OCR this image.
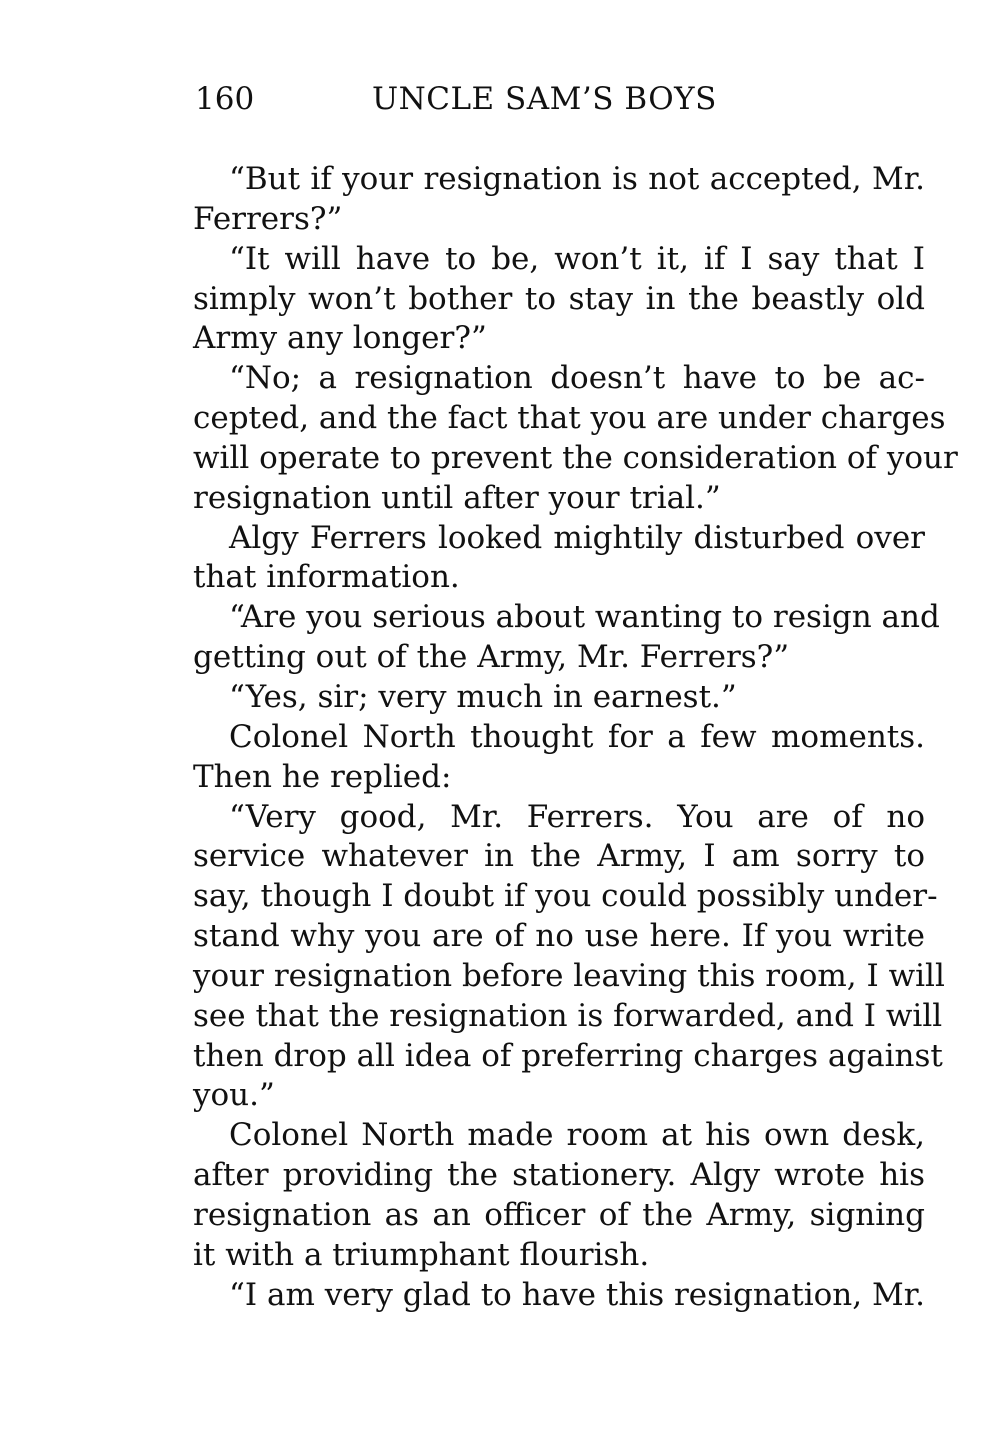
160	UNCLE SAM’S BOYS
“But if your resignation is not accepted, Mr.
Ferrers?”
“It will have to be, won’t it, if I say that I
simply won’t bother to stay in the beastly old
Army any longer?”
“No; a resignation doesn’t have to be ac-
cepted, and the fact that you are under charges
will operate to prevent the consideration of your
resignation until after your trial.”
Algy Ferrers looked mightily disturbed over
that information.
“Are you serious about wanting to resign and
getting out of the Army, Mr. Ferrers?”
“Yes, sir; very much in earnest.”
Colonel North thought for a few moments.
Then he replied:
“Very good, Mr. Ferrers. You are of no
service whatever in the Army, I am sorry to
say, though I doubt if you could possibly under-
stand why you are of no use here. If you write
your resignation before leaving this room, I will
see that the resignation is forwarded, and I will
then drop all idea of preferring charges against
you.”
Colonel North made room at his own desk,
after providing the stationery. Algy wrote his
resignation as an officer of the Army, signing
it with a triumphant flourish.
“I am very glad to have this resignation, Mr.
